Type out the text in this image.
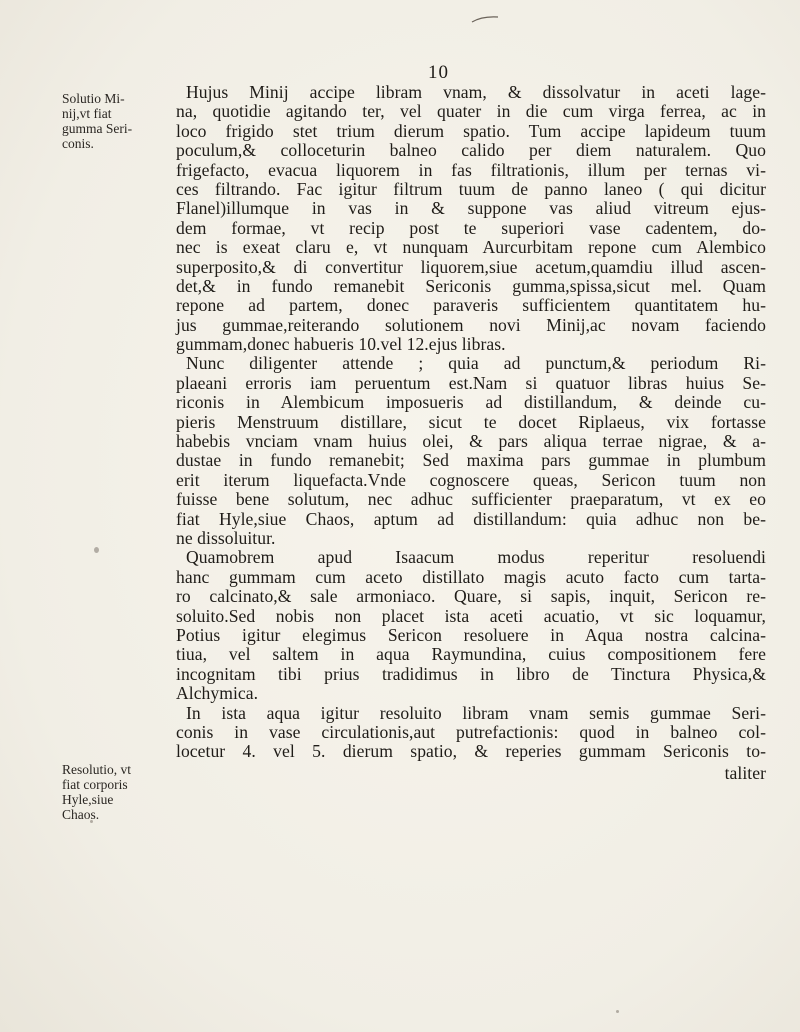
10
Solutio Mi-
nij,vt fiat
gumma Seri-
conis.
Resolutio, vt
fiat corporis
Hyle,siue
Chaos.
Hujus Minij accipe libram vnam, & dissolvatur in aceti lage-
na, quotidie agitando ter, vel quater in die cum virga ferrea, ac in
loco frigido stet trium dierum spatio. Tum accipe lapideum tuum
poculum,& colloceturin balneo calido per diem naturalem. Quo
frigefacto, evacua liquorem in fas filtrationis, illum per ternas vi-
ces filtrando. Fac igitur filtrum tuum de panno laneo ( qui dicitur
Flanel)illumque in vas in & suppone vas aliud vitreum ejus-
dem formae, vt recip post te superiori vase cadentem, do-
nec is exeat claru e, vt nunquam Aurcurbitam repone cum Alembico
superposito,& di convertitur liquorem,siue acetum,quamdiu illud ascen-
det,& in fundo remanebit Sericonis gumma,spissa,sicut mel. Quam
repone ad partem, donec paraveris sufficientem quantitatem hu-
jus gummae,reiterando solutionem novi Minij,ac novam faciendo
gummam,donec habueris 10.vel 12.ejus libras.
Nunc diligenter attende ; quia ad punctum,& periodum Ri-
plaeani erroris iam peruentum est.Nam si quatuor libras huius Se-
riconis in Alembicum imposueris ad distillandum, & deinde cu-
pieris Menstruum distillare, sicut te docet Riplaeus, vix fortasse
habebis vnciam vnam huius olei, & pars aliqua terrae nigrae, & a-
dustae in fundo remanebit; Sed maxima pars gummae in plumbum
erit iterum liquefacta.Vnde cognoscere queas, Sericon tuum non
fuisse bene solutum, nec adhuc sufficienter praeparatum, vt ex eo
fiat Hyle,siue Chaos, aptum ad distillandum: quia adhuc non be-
ne dissoluitur.
Quamobrem apud Isaacum modus reperitur resoluendi
hanc gummam cum aceto distillato magis acuto facto cum tarta-
ro calcinato,& sale armoniaco. Quare, si sapis, inquit, Sericon re-
soluito.Sed nobis non placet ista aceti acuatio, vt sic loquamur,
Potius igitur elegimus Sericon resoluere in Aqua nostra calcina-
tiua, vel saltem in aqua Raymundina, cuius compositionem fere
incognitam tibi prius tradidimus in libro de Tinctura Physica,&
Alchymica.
In ista aqua igitur resoluito libram vnam semis gummae Seri-
conis in vase circulationis,aut putrefactionis: quod in balneo col-
locetur 4. vel 5. dierum spatio, & reperies gummam Sericonis to-
taliter
